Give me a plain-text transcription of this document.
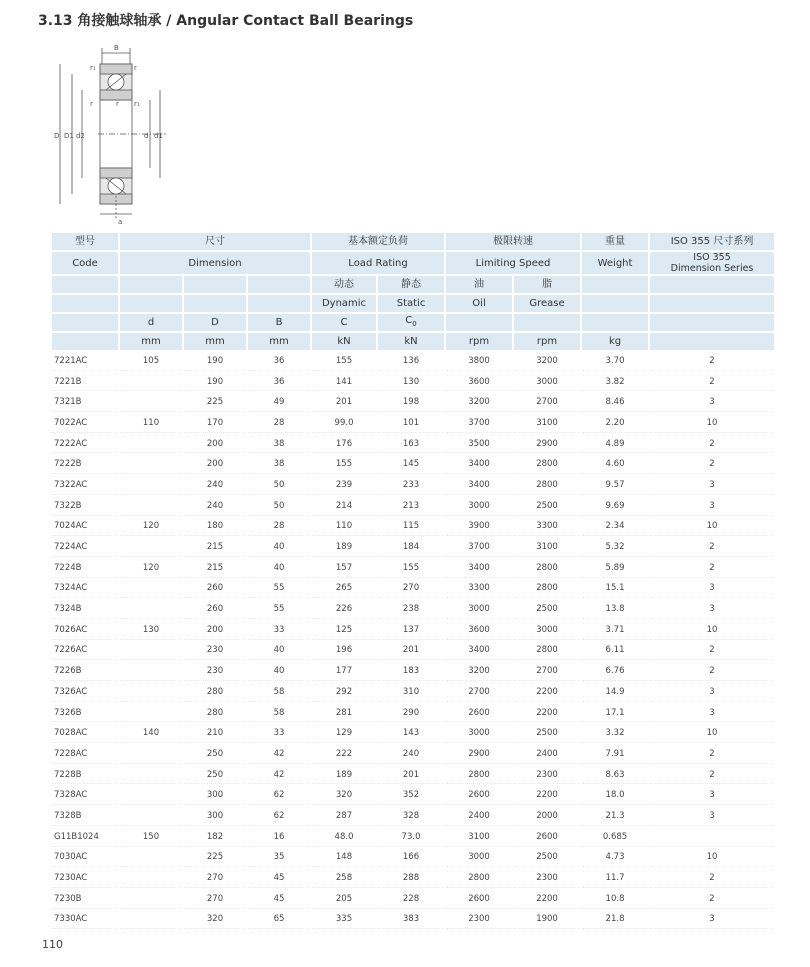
3.13 角接触球轴承 / Angular Contact Ball Bearings
B
r₁	r
r	r₁
r
D D1 d2	d d1
a
型号	尺寸			基本额定负荷		极限转速		重量	ISO 355 尺寸系列
Code	Dimension			Load Rating		Limiting Speed		Weight	ISO 355
Dimension Series
				动态	静态	油	脂		
				Dynamic	Static	Oil	Grease		
	d	D	B	C	$C_0$				
	mm	mm	mm	kN	kN	rpm	rpm	kg	
7221AC	105	190	36	155	136	3800	3200	3.70	2
7221B		190	36	141	130	3600	3000	3.82	2
7321B		225	49	201	198	3200	2700	8.46	3
7022AC	110	170	28	99.0	101	3700	3100	2.20	10
7222AC		200	38	176	163	3500	2900	4.89	2
7222B		200	38	155	145	3400	2800	4.60	2
7322AC		240	50	239	233	3400	2800	9.57	3
7322B		240	50	214	213	3000	2500	9.69	3
7024AC	120	180	28	110	115	3900	3300	2.34	10
7224AC		215	40	189	184	3700	3100	5.32	2
7224B	120	215	40	157	155	3400	2800	5.89	2
7324AC		260	55	265	270	3300	2800	15.1	3
7324B		260	55	226	238	3000	2500	13.8	3
7026AC	130	200	33	125	137	3600	3000	3.71	10
7226AC		230	40	196	201	3400	2800	6.11	2
7226B		230	40	177	183	3200	2700	6.76	2
7326AC		280	58	292	310	2700	2200	14.9	3
7326B		280	58	281	290	2600	2200	17.1	3
7028AC	140	210	33	129	143	3000	2500	3.32	10
7228AC		250	42	222	240	2900	2400	7.91	2
7228B		250	42	189	201	2800	2300	8.63	2
7328AC		300	62	320	352	2600	2200	18.0	3
7328B		300	62	287	328	2400	2000	21.3	3
G11B1024	150	182	16	48.0	73.0	3100	2600	0.685	
7030AC		225	35	148	166	3000	2500	4.73	10
7230AC		270	45	258	288	2800	2300	11.7	2
7230B		270	45	205	228	2600	2200	10.8	2
7330AC		320	65	335	383	2300	1900	21.8	3
110
